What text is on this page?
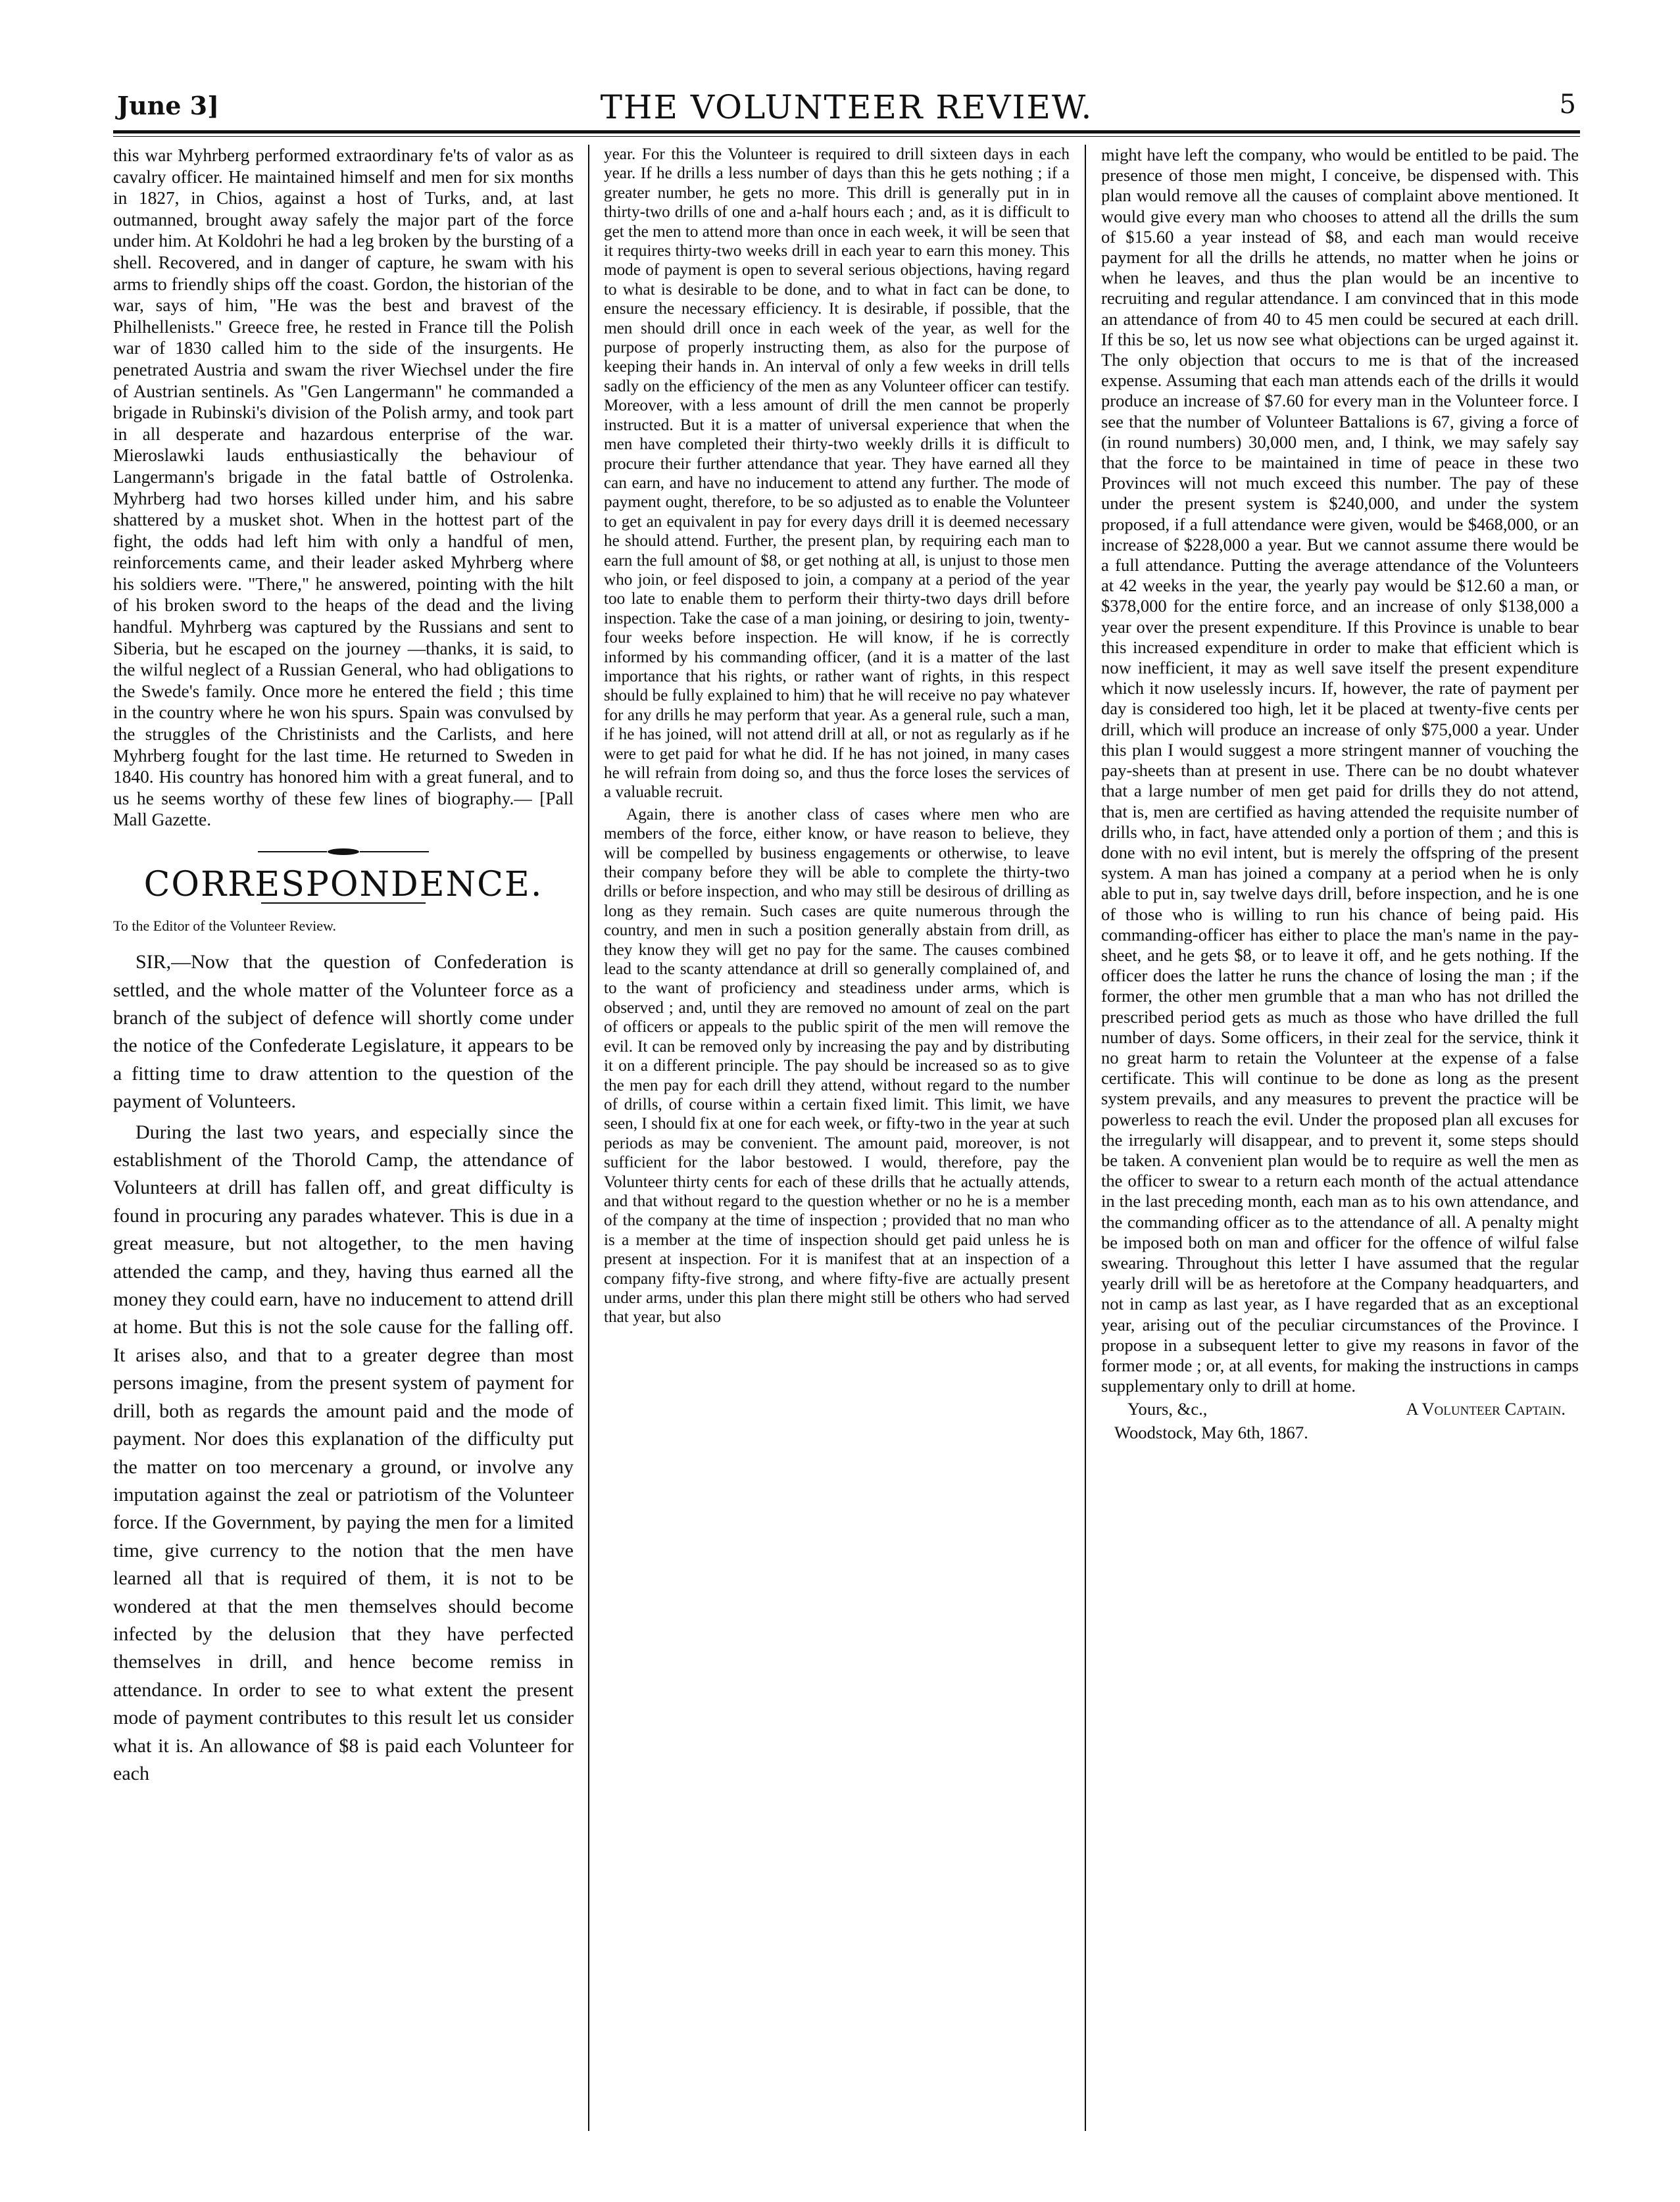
June 3]	THE VOLUNTEER REVIEW.	5

this war Myhrberg performed extraordinary fe'ts of valor as as cavalry officer. He maintained himself and men for six months in 1827, in Chios, against a host of Turks, and, at last outmanned, brought away safely the major part of the force under him. At Koldohri he had a leg broken by the bursting of a shell. Recovered, and in danger of capture, he swam with his arms to friendly ships off the coast. Gordon, the historian of the war, says of him, "He was the best and bravest of the Philhellenists." Greece free, he rested in France till the Polish war of 1830 called him to the side of the insurgents. He penetrated Austria and swam the river Wiechsel under the fire of Austrian sentinels. As "Gen Langermann" he commanded a brigade in Rubinski's division of the Polish army, and took part in all desperate and hazardous enterprise of the war. Mieroslawki lauds enthusiastically the behaviour of Langermann's brigade in the fatal battle of Ostrolenka. Myhrberg had two horses killed under him, and his sabre shattered by a musket shot. When in the hottest part of the fight, the odds had left him with only a handful of men, reinforcements came, and their leader asked Myhrberg where his soldiers were. "There," he answered, pointing with the hilt of his broken sword to the heaps of the dead and the living handful. Myhrberg was captured by the Russians and sent to Siberia, but he escaped on the journey —thanks, it is said, to the wilful neglect of a Russian General, who had obligations to the Swede's family. Once more he entered the field ; this time in the country where he won his spurs. Spain was convulsed by the struggles of the Christinists and the Carlists, and here Myhrberg fought for the last time. He returned to Sweden in 1840. His country has honored him with a great funeral, and to us he seems worthy of these few lines of biography.— [Pall Mall Gazette.

CORRESPONDENCE.

To the Editor of the Volunteer Review.

SIR,—Now that the question of Confederation is settled, and the whole matter of the Volunteer force as a branch of the subject of defence will shortly come under the notice of the Confederate Legislature, it appears to be a fitting time to draw attention to the question of the payment of Volunteers.

During the last two years, and especially since the establishment of the Thorold Camp, the attendance of Volunteers at drill has fallen off, and great difficulty is found in procuring any parades whatever. This is due in a great measure, but not altogether, to the men having attended the camp, and they, having thus earned all the money they could earn, have no inducement to attend drill at home. But this is not the sole cause for the falling off. It arises also, and that to a greater degree than most persons imagine, from the present system of payment for drill, both as regards the amount paid and the mode of payment. Nor does this explanation of the difficulty put the matter on too mercenary a ground, or involve any imputation against the zeal or patriotism of the Volunteer force. If the Government, by paying the men for a limited time, give currency to the notion that the men have learned all that is required of them, it is not to be wondered at that the men themselves should become infected by the delusion that they have perfected themselves in drill, and hence become remiss in attendance. In order to see to what extent the present mode of payment contributes to this result let us consider what it is. An allowance of $8 is paid each Volunteer for each

year. For this the Volunteer is required to drill sixteen days in each year. If he drills a less number of days than this he gets nothing ; if a greater number, he gets no more. This drill is generally put in in thirty-two drills of one and a-half hours each ; and, as it is difficult to get the men to attend more than once in each week, it will be seen that it requires thirty-two weeks drill in each year to earn this money. This mode of payment is open to several serious objections, having regard to what is desirable to be done, and to what in fact can be done, to ensure the necessary efficiency. It is desirable, if possible, that the men should drill once in each week of the year, as well for the purpose of properly instructing them, as also for the purpose of keeping their hands in. An interval of only a few weeks in drill tells sadly on the efficiency of the men as any Volunteer officer can testify. Moreover, with a less amount of drill the men cannot be properly instructed. But it is a matter of universal experience that when the men have completed their thirty-two weekly drills it is difficult to procure their further attendance that year. They have earned all they can earn, and have no inducement to attend any further. The mode of payment ought, therefore, to be so adjusted as to enable the Volunteer to get an equivalent in pay for every days drill it is deemed necessary he should attend. Further, the present plan, by requiring each man to earn the full amount of $8, or get nothing at all, is unjust to those men who join, or feel disposed to join, a company at a period of the year too late to enable them to perform their thirty-two days drill before inspection. Take the case of a man joining, or desiring to join, twenty-four weeks before inspection. He will know, if he is correctly informed by his commanding officer, (and it is a matter of the last importance that his rights, or rather want of rights, in this respect should be fully explained to him) that he will receive no pay whatever for any drills he may perform that year. As a general rule, such a man, if he has joined, will not attend drill at all, or not as regularly as if he were to get paid for what he did. If he has not joined, in many cases he will refrain from doing so, and thus the force loses the services of a valuable recruit.

Again, there is another class of cases where men who are members of the force, either know, or have reason to believe, they will be compelled by business engagements or otherwise, to leave their company before they will be able to complete the thirty-two drills or before inspection, and who may still be desirous of drilling as long as they remain. Such cases are quite numerous through the country, and men in such a position generally abstain from drill, as they know they will get no pay for the same. The causes combined lead to the scanty attendance at drill so generally complained of, and to the want of proficiency and steadiness under arms, which is observed ; and, until they are removed no amount of zeal on the part of officers or appeals to the public spirit of the men will remove the evil. It can be removed only by increasing the pay and by distributing it on a different principle. The pay should be increased so as to give the men pay for each drill they attend, without regard to the number of drills, of course within a certain fixed limit. This limit, we have seen, I should fix at one for each week, or fifty-two in the year at such periods as may be convenient. The amount paid, moreover, is not sufficient for the labor bestowed. I would, therefore, pay the Volunteer thirty cents for each of these drills that he actually attends, and that without regard to the question whether or no he is a member of the company at the time of inspection ; provided that no man who is a member at the time of inspection should get paid unless he is present at inspection. For it is manifest that at an inspection of a company fifty-five strong, and where fifty-five are actually present under arms, under this plan there might still be others who had served that year, but also

might have left the company, who would be entitled to be paid. The presence of those men might, I conceive, be dispensed with. This plan would remove all the causes of complaint above mentioned. It would give every man who chooses to attend all the drills the sum of $15.60 a year instead of $8, and each man would receive payment for all the drills he attends, no matter when he joins or when he leaves, and thus the plan would be an incentive to recruiting and regular attendance. I am convinced that in this mode an attendance of from 40 to 45 men could be secured at each drill. If this be so, let us now see what objections can be urged against it. The only objection that occurs to me is that of the increased expense. Assuming that each man attends each of the drills it would produce an increase of $7.60 for every man in the Volunteer force. I see that the number of Volunteer Battalions is 67, giving a force of (in round numbers) 30,000 men, and, I think, we may safely say that the force to be maintained in time of peace in these two Provinces will not much exceed this number. The pay of these under the present system is $240,000, and under the system proposed, if a full attendance were given, would be $468,000, or an increase of $228,000 a year. But we cannot assume there would be a full attendance. Putting the average attendance of the Volunteers at 42 weeks in the year, the yearly pay would be $12.60 a man, or $378,000 for the entire force, and an increase of only $138,000 a year over the present expenditure. If this Province is unable to bear this increased expenditure in order to make that efficient which is now inefficient, it may as well save itself the present expenditure which it now uselessly incurs. If, however, the rate of payment per day is considered too high, let it be placed at twenty-five cents per drill, which will produce an increase of only $75,000 a year. Under this plan I would suggest a more stringent manner of vouching the pay-sheets than at present in use. There can be no doubt whatever that a large number of men get paid for drills they do not attend, that is, men are certified as having attended the requisite number of drills who, in fact, have attended only a portion of them ; and this is done with no evil intent, but is merely the offspring of the present system. A man has joined a company at a period when he is only able to put in, say twelve days drill, before inspection, and he is one of those who is willing to run his chance of being paid. His commanding-officer has either to place the man's name in the pay-sheet, and he gets $8, or to leave it off, and he gets nothing. If the officer does the latter he runs the chance of losing the man ; if the former, the other men grumble that a man who has not drilled the prescribed period gets as much as those who have drilled the full number of days. Some officers, in their zeal for the service, think it no great harm to retain the Volunteer at the expense of a false certificate. This will continue to be done as long as the present system prevails, and any measures to prevent the practice will be powerless to reach the evil. Under the proposed plan all excuses for the irregularly will disappear, and to prevent it, some steps should be taken. A convenient plan would be to require as well the men as the officer to swear to a return each month of the actual attendance in the last preceding month, each man as to his own attendance, and the commanding officer as to the attendance of all. A penalty might be imposed both on man and officer for the offence of wilful false swearing. Throughout this letter I have assumed that the regular yearly drill will be as heretofore at the Company headquarters, and not in camp as last year, as I have regarded that as an exceptional year, arising out of the peculiar circumstances of the Province. I propose in a subsequent letter to give my reasons in favor of the former mode ; or, at all events, for making the instructions in camps supplementary only to drill at home.

Yours, &c.,	A Volunteer Captain.

Woodstock, May 6th, 1867.
